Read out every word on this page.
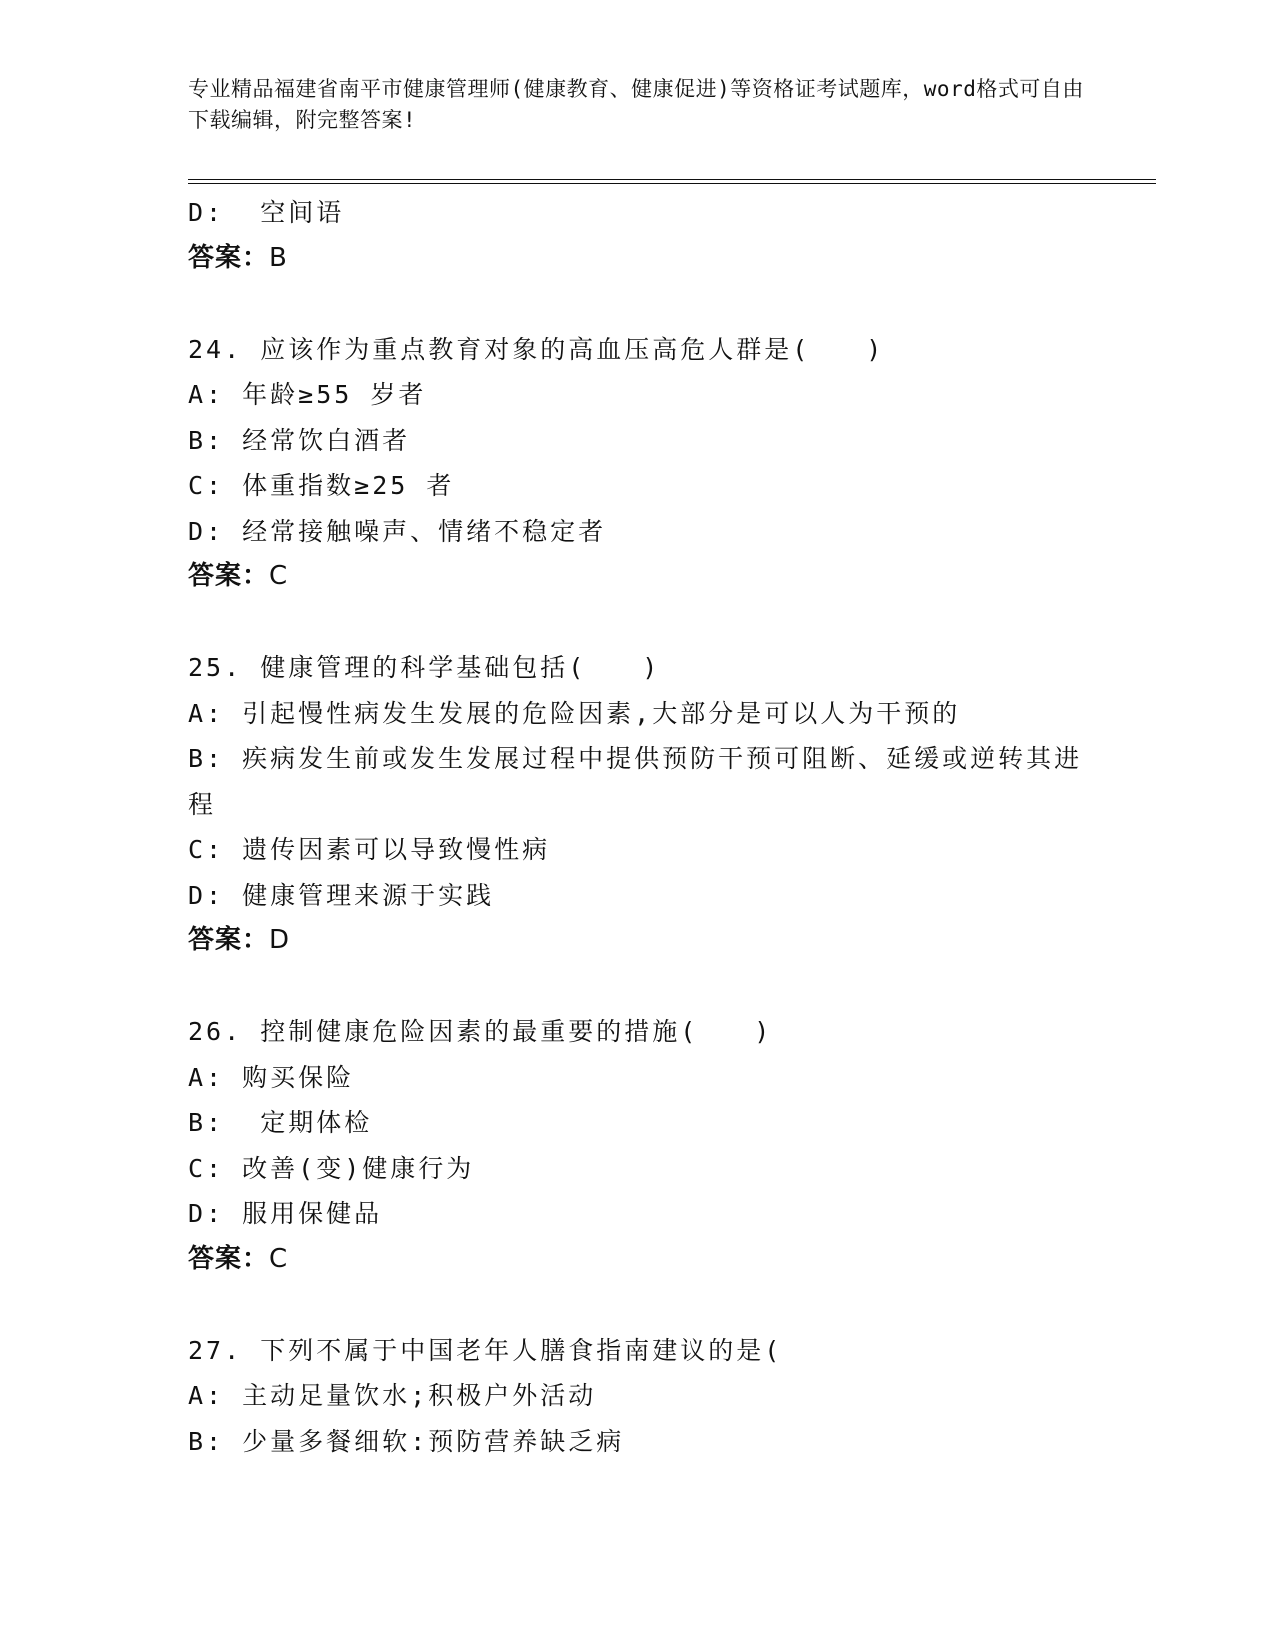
专业精品福建省南平市健康管理师(健康教育、健康促进)等资格证考试题库，word格式可自由下载编辑，附完整答案!

D:  空间语

答案：B

24. 应该作为重点教育对象的高血压高危人群是(　　)

A: 年龄≥55 岁者

B: 经常饮白酒者

C: 体重指数≥25 者

D: 经常接触噪声、情绪不稳定者

答案：C

25. 健康管理的科学基础包括(　　)

A: 引起慢性病发生发展的危险因素,大部分是可以人为干预的

B: 疾病发生前或发生发展过程中提供预防干预可阻断、延缓或逆转其进程

C: 遗传因素可以导致慢性病

D: 健康管理来源于实践

答案：D

26. 控制健康危险因素的最重要的措施(　　)

A: 购买保险

B:  定期体检

C: 改善(变)健康行为

D: 服用保健品

答案：C

27. 下列不属于中国老年人膳食指南建议的是(

A: 主动足量饮水;积极户外活动

B: 少量多餐细软:预防营养缺乏病
